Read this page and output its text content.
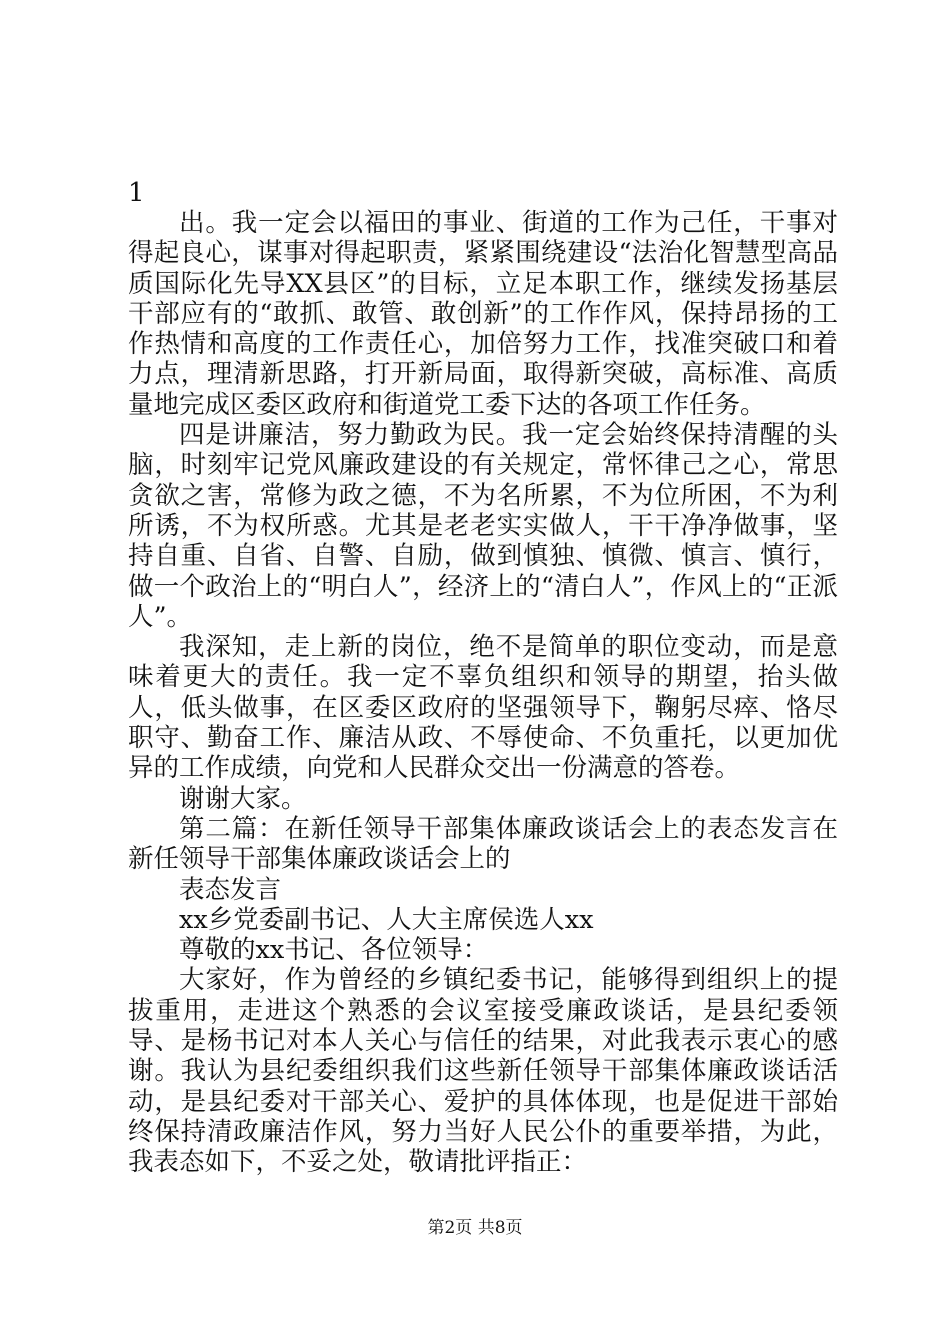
1

出。我一定会以福田的事业、街道的工作为己任，干事对得起良心，谋事对得起职责，紧紧围绕建设“法治化智慧型高品质国际化先导XX县区”的目标，立足本职工作，继续发扬基层干部应有的“敢抓、敢管、敢创新”的工作作风，保持昂扬的工作热情和高度的工作责任心，加倍努力工作，找准突破口和着力点，理清新思路，打开新局面，取得新突破，高标准、高质量地完成区委区政府和街道党工委下达的各项工作任务。

四是讲廉洁，努力勤政为民。我一定会始终保持清醒的头脑，时刻牢记党风廉政建设的有关规定，常怀律己之心，常思贪欲之害，常修为政之德，不为名所累，不为位所困，不为利所诱，不为权所惑。尤其是老老实实做人，干干净净做事，坚持自重、自省、自警、自励，做到慎独、慎微、慎言、慎行，做一个政治上的“明白人”，经济上的“清白人”，作风上的“正派人”。

我深知，走上新的岗位，绝不是简单的职位变动，而是意味着更大的责任。我一定不辜负组织和领导的期望，抬头做人，低头做事，在区委区政府的坚强领导下，鞠躬尽瘁、恪尽职守、勤奋工作、廉洁从政、不辱使命、不负重托，以更加优异的工作成绩，向党和人民群众交出一份满意的答卷。

谢谢大家。

第二篇：在新任领导干部集体廉政谈话会上的表态发言在新任领导干部集体廉政谈话会上的

表态发言

xx乡党委副书记、人大主席侯选人xx

尊敬的xx书记、各位领导：

大家好，作为曾经的乡镇纪委书记，能够得到组织上的提拔重用，走进这个熟悉的会议室接受廉政谈话，是县纪委领导、是杨书记对本人关心与信任的结果，对此我表示衷心的感谢。我认为县纪委组织我们这些新任领导干部集体廉政谈话活动，是县纪委对干部关心、爱护的具体体现，也是促进干部始终保持清政廉洁作风，努力当好人民公仆的重要举措，为此，我表态如下，不妥之处，敬请批评指正：

第2页 共8页
